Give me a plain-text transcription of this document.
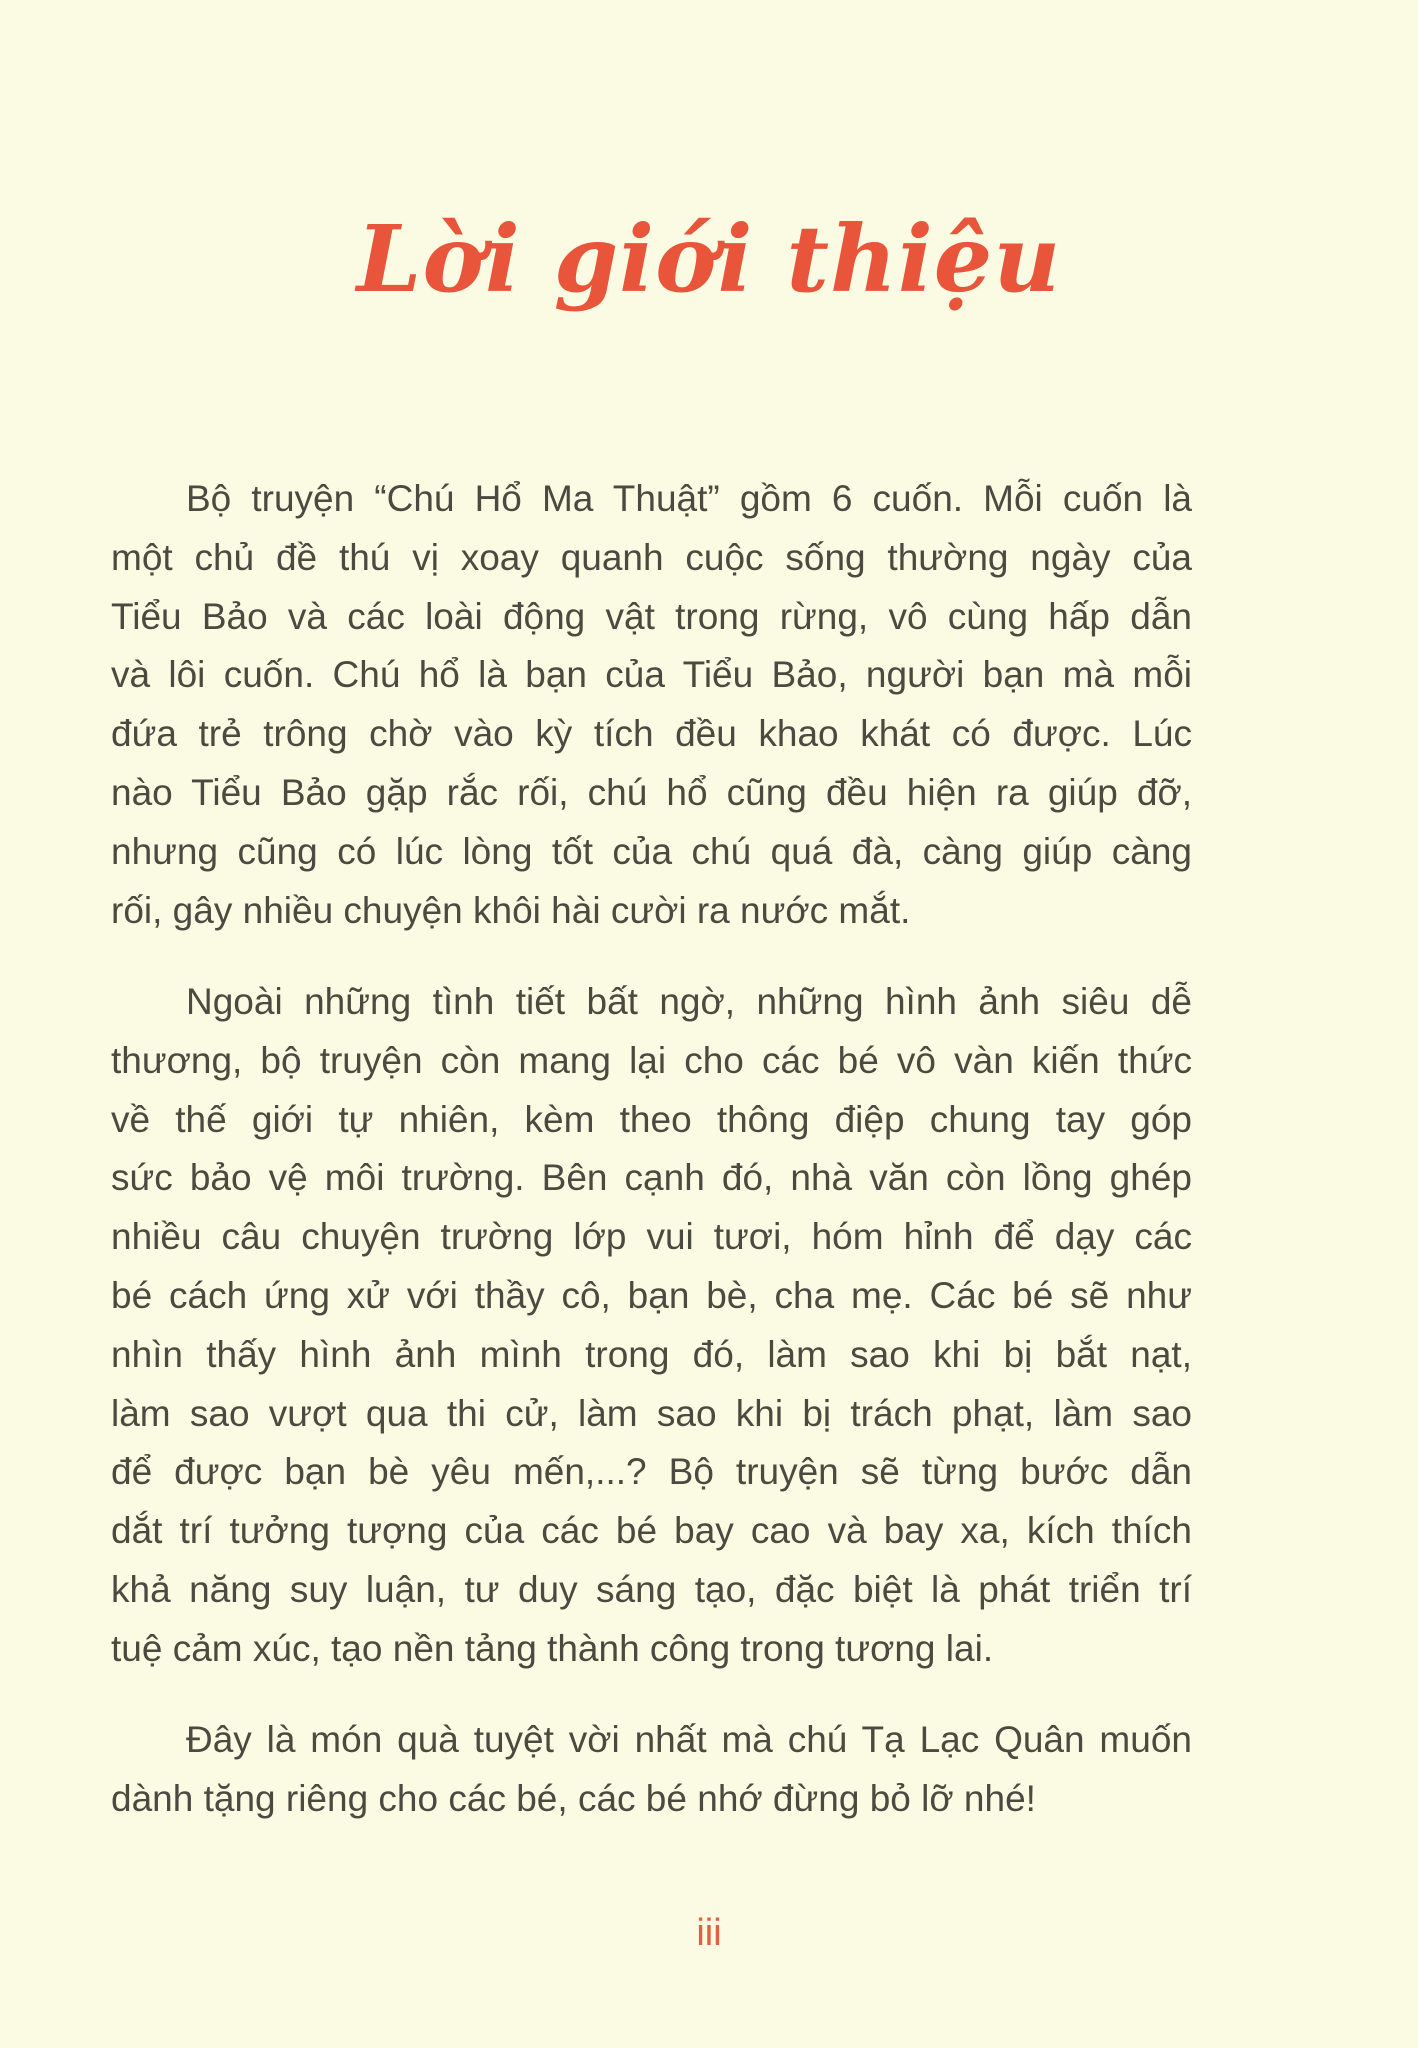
Lời giới thiệu
Bộ truyện “Chú Hổ Ma Thuật” gồm 6 cuốn. Mỗi cuốn là
một chủ đề thú vị xoay quanh cuộc sống thường ngày của
Tiểu Bảo và các loài động vật trong rừng, vô cùng hấp dẫn
và lôi cuốn. Chú hổ là bạn của Tiểu Bảo, người bạn mà mỗi
đứa trẻ trông chờ vào kỳ tích đều khao khát có được. Lúc
nào Tiểu Bảo gặp rắc rối, chú hổ cũng đều hiện ra giúp đỡ,
nhưng cũng có lúc lòng tốt của chú quá đà, càng giúp càng
rối, gây nhiều chuyện khôi hài cười ra nước mắt.
Ngoài những tình tiết bất ngờ, những hình ảnh siêu dễ
thương, bộ truyện còn mang lại cho các bé vô vàn kiến thức
về thế giới tự nhiên, kèm theo thông điệp chung tay góp
sức bảo vệ môi trường. Bên cạnh đó, nhà văn còn lồng ghép
nhiều câu chuyện trường lớp vui tươi, hóm hỉnh để dạy các
bé cách ứng xử với thầy cô, bạn bè, cha mẹ. Các bé sẽ như
nhìn thấy hình ảnh mình trong đó, làm sao khi bị bắt nạt,
làm sao vượt qua thi cử, làm sao khi bị trách phạt, làm sao
để được bạn bè yêu mến,...? Bộ truyện sẽ từng bước dẫn
dắt trí tưởng tượng của các bé bay cao và bay xa, kích thích
khả năng suy luận, tư duy sáng tạo, đặc biệt là phát triển trí
tuệ cảm xúc, tạo nền tảng thành công trong tương lai.
Đây là món quà tuyệt vời nhất mà chú Tạ Lạc Quân muốn
dành tặng riêng cho các bé, các bé nhớ đừng bỏ lỡ nhé!
iii
